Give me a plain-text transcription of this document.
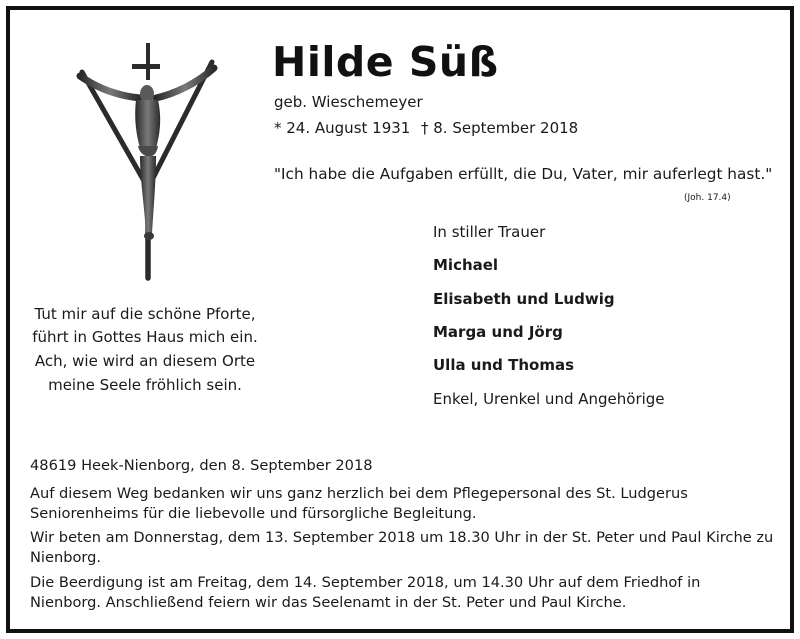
Hilde Süß
geb. Wieschemeyer
* 24. August 1931 † 8. September 2018
"Ich habe die Aufgaben erfüllt, die Du, Vater, mir auferlegt hast."
(Joh. 17.4)
In stiller Trauer
Michael
Elisabeth und Ludwig
Marga und Jörg
Ulla und Thomas
Enkel, Urenkel und Angehörige
Tut mir auf die schöne Pforte,
führt in Gottes Haus mich ein.
Ach, wie wird an diesem Orte
meine Seele fröhlich sein.
48619 Heek-Nienborg, den 8. September 2018
Auf diesem Weg bedanken wir uns ganz herzlich bei dem Pflegepersonal des St. Ludgerus Seniorenheims für die liebevolle und fürsorgliche Begleitung.
Wir beten am Donnerstag, dem 13. September 2018 um 18.30 Uhr in der St. Peter und Paul Kirche zu Nienborg.
Die Beerdigung ist am Freitag, dem 14. September 2018, um 14.30 Uhr auf dem Friedhof in Nienborg. Anschließend feiern wir das Seelenamt in der St. Peter und Paul Kirche.
